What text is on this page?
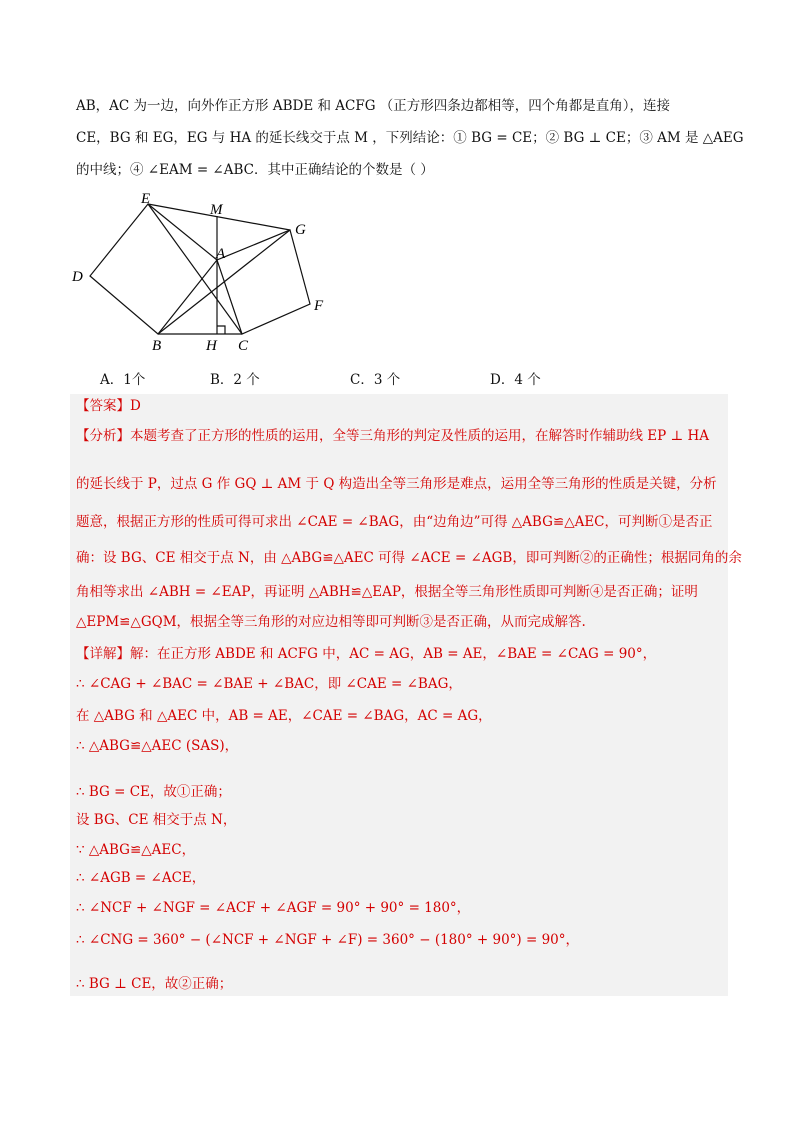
AB，AC 为一边，向外作正方形 ABDE 和 ACFG （正方形四条边都相等，四个角都是直角），连接
CE，BG 和 EG，EG 与 HA 的延长线交于点 M ，下列结论：① BG = CE；② BG ⊥ CE；③ AM 是 △AEG
的中线；④ ∠EAM = ∠ABC．其中正确结论的个数是（ ）
E
M
G
A
D
F
B	H C
A．1个	B．2 个	C．3 个	D．4 个
【答案】D
【分析】本题考查了正方形的性质的运用，全等三角形的判定及性质的运用，在解答时作辅助线 EP ⊥ HA
的延长线于 P，过点 G 作 GQ ⊥ AM 于 Q 构造出全等三角形是难点，运用全等三角形的性质是关键，分析
题意，根据正方形的性质可得可求出 ∠CAE = ∠BAG，由“边角边”可得 △ABG≌△AEC，可判断①是否正
确：设 BG、CE 相交于点 N，由 △ABG≌△AEC 可得 ∠ACE = ∠AGB，即可判断②的正确性；根据同角的余
角相等求出 ∠ABH = ∠EAP，再证明 △ABH≌△EAP，根据全等三角形性质即可判断④是否正确；证明
△EPM≌△GQM，根据全等三角形的对应边相等即可判断③是否正确，从而完成解答.
【详解】解：在正方形 ABDE 和 ACFG 中，AC = AG，AB = AE，∠BAE = ∠CAG = 90°，
∴ ∠CAG + ∠BAC = ∠BAE + ∠BAC，即 ∠CAE = ∠BAG，
在 △ABG 和 △AEC 中，AB = AE，∠CAE = ∠BAG，AC = AG，
∴ △ABG≌△AEC (SAS)，
∴ BG = CE，故①正确；
设 BG、CE 相交于点 N，
∵ △ABG≌△AEC，
∴ ∠AGB = ∠ACE，
∴ ∠NCF + ∠NGF = ∠ACF + ∠AGF = 90° + 90° = 180°，
∴ ∠CNG = 360° − (∠NCF + ∠NGF + ∠F) = 360° − (180° + 90°) = 90°，
∴ BG ⊥ CE，故②正确；
